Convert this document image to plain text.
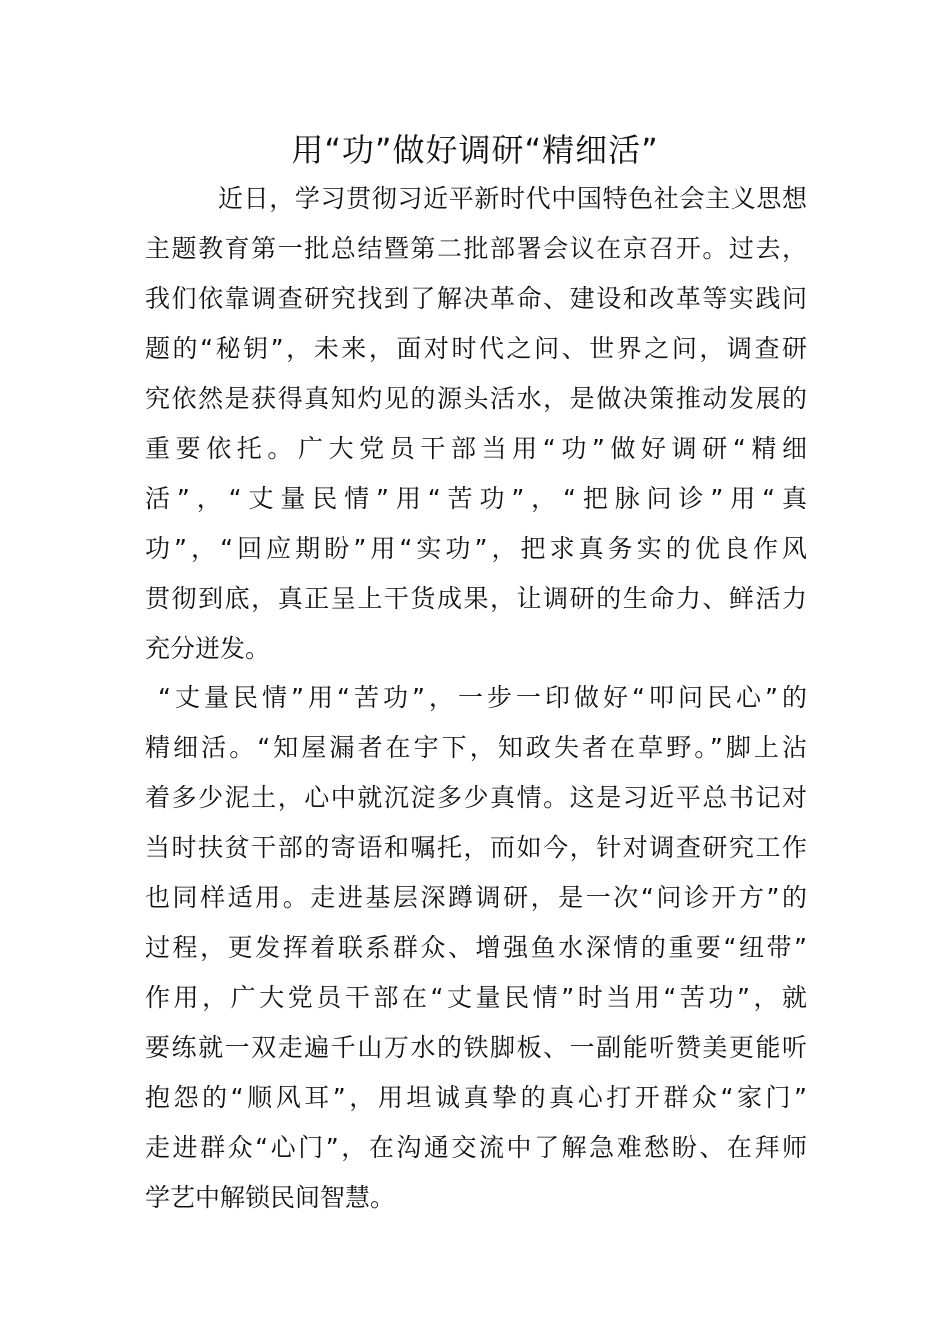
用“功”做好调研“精细活”

近日，学习贯彻习近平新时代中国特色社会主义思想

主题教育第一批总结暨第二批部署会议在京召开。过去，

我们依靠调查研究找到了解决革命、建设和改革等实践问

题的“秘钥”，未来，面对时代之问、世界之问，调查研

究依然是获得真知灼见的源头活水，是做决策推动发展的

重要依托。广大党员干部当用“功”做好调研“精细

活”，“丈量民情”用“苦功”，“把脉问诊”用“真

功”，“回应期盼”用“实功”，把求真务实的优良作风

贯彻到底，真正呈上干货成果，让调研的生命力、鲜活力

充分迸发。

“丈量民情”用“苦功”，一步一印做好“叩问民心”的

精细活。“知屋漏者在宇下，知政失者在草野。”脚上沾

着多少泥土，心中就沉淀多少真情。这是习近平总书记对

当时扶贫干部的寄语和嘱托，而如今，针对调查研究工作

也同样适用。走进基层深蹲调研，是一次“问诊开方”的

过程，更发挥着联系群众、增强鱼水深情的重要“纽带”

作用，广大党员干部在“丈量民情”时当用“苦功”，就

要练就一双走遍千山万水的铁脚板、一副能听赞美更能听

抱怨的“顺风耳”，用坦诚真挚的真心打开群众“家门”

走进群众“心门”，在沟通交流中了解急难愁盼、在拜师

学艺中解锁民间智慧。
